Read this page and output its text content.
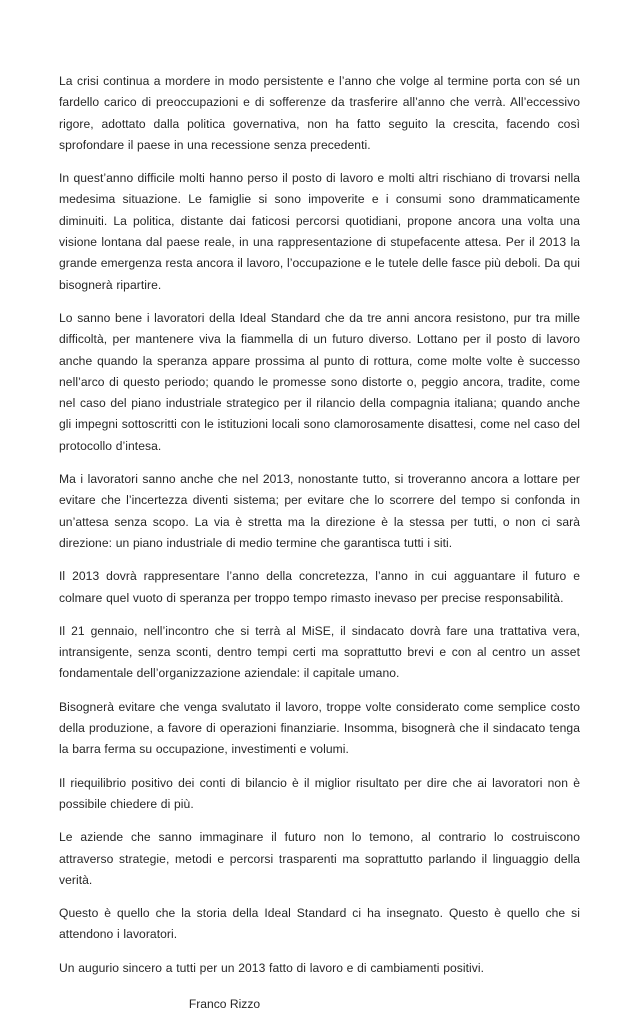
La crisi continua a mordere in modo persistente e l’anno che volge al termine porta con sé un fardello carico di preoccupazioni e di sofferenze da trasferire all’anno che verrà. All’eccessivo rigore, adottato dalla politica governativa, non ha fatto seguito la crescita, facendo così sprofondare il paese in una recessione senza precedenti.

In quest’anno difficile molti hanno perso il posto di lavoro e molti altri rischiano di trovarsi nella medesima situazione. Le famiglie si sono impoverite e i consumi sono drammaticamente diminuiti. La politica, distante dai faticosi percorsi quotidiani, propone ancora una volta una visione lontana dal paese reale, in una rappresentazione di stupefacente attesa. Per il 2013 la grande emergenza resta ancora il lavoro, l’occupazione e le tutele delle fasce più deboli. Da qui bisognerà ripartire.

Lo sanno bene i lavoratori della Ideal Standard che da tre anni ancora resistono, pur tra mille difficoltà, per mantenere viva la fiammella di un futuro diverso. Lottano per il posto di lavoro anche quando la speranza appare prossima al punto di rottura, come molte volte è successo nell’arco di questo periodo; quando le promesse sono distorte o, peggio ancora, tradite, come nel caso del piano industriale strategico per il rilancio della compagnia italiana; quando anche gli impegni sottoscritti con le istituzioni locali sono clamorosamente disattesi, come nel caso del protocollo d’intesa.

Ma i lavoratori sanno anche che nel 2013, nonostante tutto, si troveranno ancora a lottare per evitare che l’incertezza diventi sistema; per evitare che lo scorrere del tempo si confonda in un’attesa senza scopo. La via è stretta ma la direzione è la stessa per tutti, o non ci sarà direzione: un piano industriale di medio termine che garantisca tutti i siti.

Il 2013 dovrà rappresentare l’anno della concretezza, l’anno in cui agguantare il futuro e colmare quel vuoto di speranza per troppo tempo rimasto inevaso per precise responsabilità.

Il 21 gennaio, nell’incontro che si terrà al MiSE, il sindacato dovrà fare una trattativa vera, intransigente, senza sconti, dentro tempi certi ma soprattutto brevi e con al centro un asset fondamentale dell’organizzazione aziendale: il capitale umano.

Bisognerà evitare che venga svalutato il lavoro, troppe volte considerato come semplice costo della produzione, a favore di operazioni finanziarie. Insomma, bisognerà che il sindacato tenga la barra ferma su occupazione, investimenti e volumi.

Il riequilibrio positivo dei conti di bilancio è il miglior risultato per dire che ai lavoratori non è possibile chiedere di più.

Le aziende che sanno immaginare il futuro non lo temono, al contrario lo costruiscono attraverso strategie, metodi e percorsi trasparenti ma soprattutto parlando il linguaggio della verità.

Questo è quello che la storia della Ideal Standard ci ha insegnato. Questo è quello che si attendono i lavoratori.

Un augurio sincero a tutti per un 2013 fatto di lavoro e di cambiamenti positivi.

Franco Rizzo
